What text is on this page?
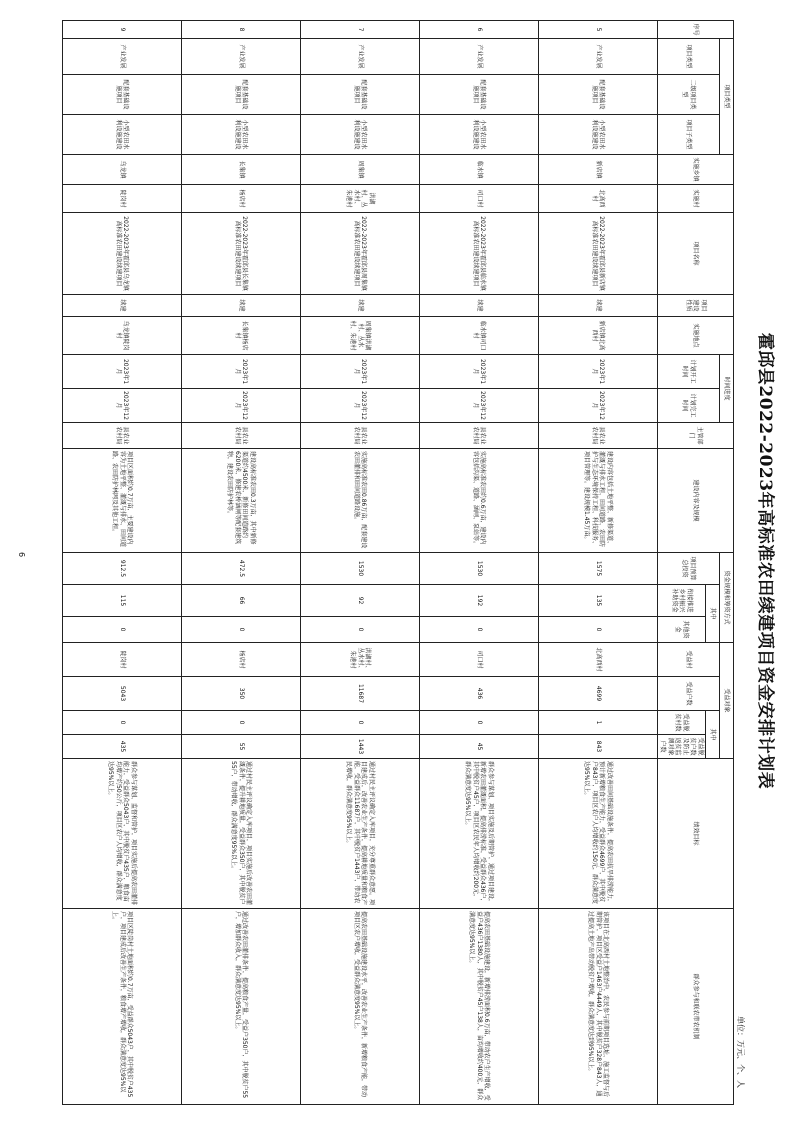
霍邱县2022-2023年高标准农田续建项目资金安排计划表
单位：万元、个、人
序号	项目类型			实施乡镇	实施村	项目名称	项目建设性质	实施地点	时间进度		主管部门	建设内容及规模	资金规模和筹资方式			受益对象				绩效目标	群众参与和联农带农机制
	项目类型	二级项目类型	项目子类型						计划开工时间	计划完工时间			项目预算总投资	其中		受益村	受益户数	其中			
														衔接推进乡村振兴补助资金	其他资金			受益脱贫村数	受益脱贫户数及防止返贫监测对象户数		
5	产业发展	配套基础设施项目	小型农田水利设施建设	新店镇	北高西村	2022-2023年霍邱县新店镇高标准农田建设续建项目	续建	新店镇北高西村	2023年1月	2023年12月	县农业农村局	建设内容包括土地平整、新修渠道、灌溉与排水工程、田间道路、农田防护与生态环境保持工程、科技服务、项目管理等。建设规模1.45万亩。	1575	135	0	北高西村	4699	1	843	通过改善田间基础设施条件，提高农田抗旱排涝能力，预计新增粮食生产能力，受益群众4699户，其中脱贫户843户，项目区农户人均增收约150元，群众满意度达95%以上。	该项目在北高西村土地整治中，农民参与前期项目选址、施工监督与后期管护，项目区受益户1463户4449人，其中脱贫户328户843人，通过提高土地产出带动脱贫户增收，群众满意度达到95%以上。
6	产业发展	配套基础设施项目	小型农田水利设施建设	临水镇	司口村	2022-2023年霍邱县临水镇高标准农田建设续建项目	续建	临水镇司口村	2023年1月	2023年12月	县农业农村局	实施高标准农田约0.6万亩，建设内容包括沟渠、道路、涵闸、泵站等。	1530	192	0	司口村	436	0	45	群众参与谋划、项目实施及后期管护，通过项目建设，新增农田灌溉面积，提高排涝标准，受益群众436户，其中脱贫户45户，项目区农民年人均增收约200元，群众满意度达95%以上。	提高农田基础设施建设，新增排涝面积0.6万亩，带动农户生产增收，受益户436户1380人，其中脱贫户45户138人，亩均增收约400元，群众满意度达95%以上。
7	产业发展	配套基础设施项目	小型农田水利设施建设	周集镇	洪湖村、丛水村、朱港村	2022-2023年霍邱县周集镇高标准农田建设续建项目	续建	周集镇洪湖村、丛水村、朱港村	2023年1月	2023年12月	县农业农村局	实施高标准农田0.86万亩，配套建设农田灌排和田间道路设施。	1530	92	0	洪湖村、丛水村、朱港村	11687	0	1443	通过村民主评议确定入库项目，充分尊重群众意愿。项目建成后，改善农业生产条件，提高耕地质量和粮食产能，受益群众11687户，其中脱贫户1443户，带动农民增收，群众满意度95%以上。	提高农田基础设施建设水平，改善农业生产条件，新增粮食产能，带动项目区农户增收，受益群众满意度95%以上。
8	产业发展	配套基础设施项目	小型农田水利设施建设	长集镇	杨店村	2022-2023年霍邱县长集镇高标准农田建设续建项目	续建	长集镇杨店村	2023年1月	2023年12月	县农业农村局	建设高标准农田0.3万亩，其中新修渠道约4500米，新修田间道路约6200米，修建农桥涵闸等配套建筑物，建设农田防护林等。	472.5	66	0	杨店村	350	0	55	通过村民主评议确定入库项目，项目实施后改善农田灌溉条件，提升耕地质量，受益群众350户，其中脱贫户55户，带动增收，群众满意度95%以上。	通过改善农田灌排条件，提高粮食产量，受益户350户，其中脱贫户55户，增加群众收入，群众满意度达95%以上。
9	产业发展	配套基础设施项目	小型农田水利设施建设	乌龙镇	陡岗村	2022-2023年霍邱县乌龙镇高标准农田建设续建项目	续建	乌龙镇陡岗村	2023年1月	2023年12月	县农业农村局	项目区面积约0.7万亩，主要建设内容为土地平整、灌溉与排水、田间道路、农田防护林网及其他工程。	912.5	115	0	陡岗村	5043	0	435	群众参与谋划、监督和管护，项目实施后提高农田灌排能力，受益群众5043户，其中脱贫户435户，粮食亩均增产约50公斤，项目区农户人均增收，群众满意度达95%以上。	项目区陡岗村土地面积约0.7万亩，受益群众5043户，其中脱贫户435户，项目建成后改善生产条件，粮食增产增收，群众满意度达95%以上。
6
